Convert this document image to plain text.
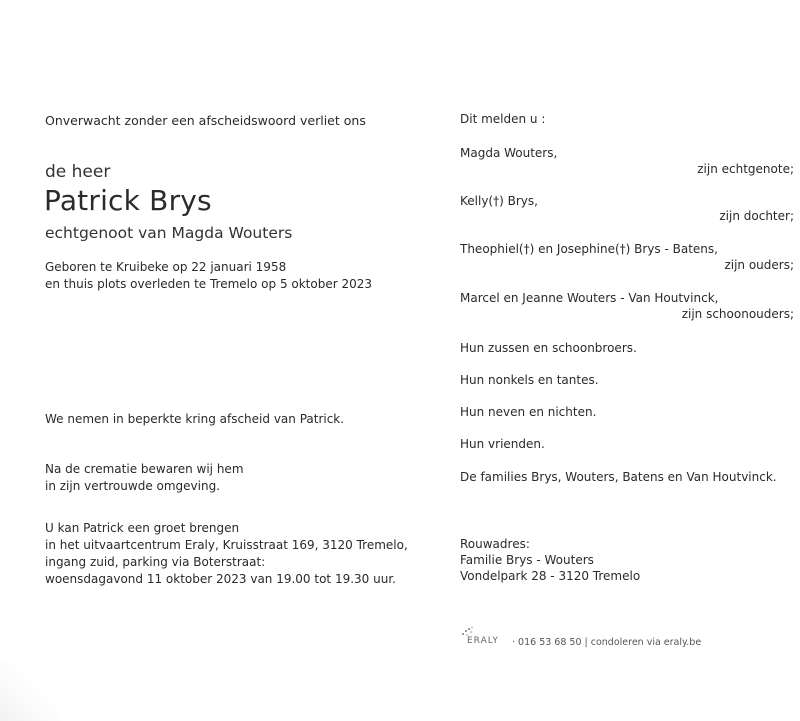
Onverwacht zonder een afscheidswoord verliet ons
de heer
Patrick Brys
echtgenoot van Magda Wouters
Geboren te Kruibeke op 22 januari 1958
en thuis plots overleden te Tremelo op 5 oktober 2023
We nemen in beperkte kring afscheid van Patrick.
Na de crematie bewaren wij hem
in zijn vertrouwde omgeving.
U kan Patrick een groet brengen
in het uitvaartcentrum Eraly, Kruisstraat 169, 3120 Tremelo,
ingang zuid, parking via Boterstraat:
woensdagavond 11 oktober 2023 van 19.00 tot 19.30 uur.
Dit melden u :
Magda Wouters,
zijn echtgenote;
Kelly(†) Brys,
zijn dochter;
Theophiel(†) en Josephine(†) Brys - Batens,
zijn ouders;
Marcel en Jeanne Wouters - Van Houtvinck,
zijn schoonouders;
Hun zussen en schoonbroers.
Hun nonkels en tantes.
Hun neven en nichten.
Hun vrienden.
De families Brys, Wouters, Batens en Van Houtvinck.
Rouwadres:
Familie Brys - Wouters
Vondelpark 28 - 3120 Tremelo
ERALY · 016 53 68 50 | condoleren via eraly.be
